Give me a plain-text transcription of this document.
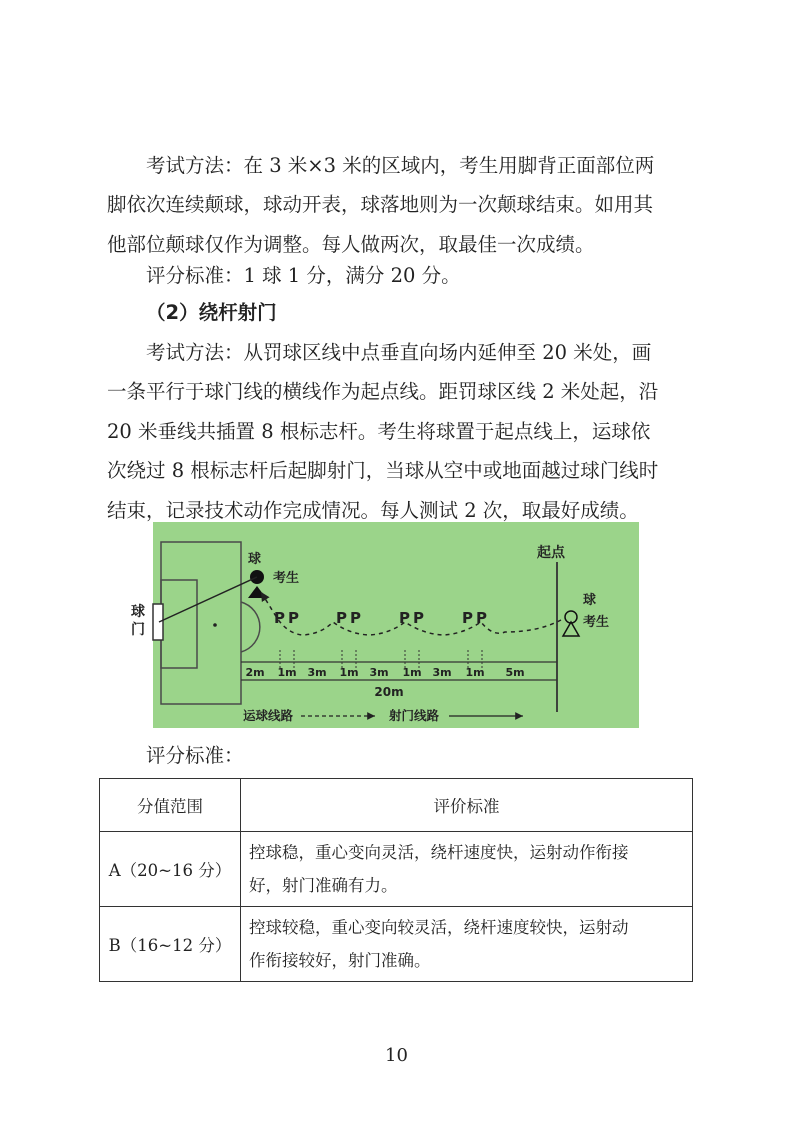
考试方法：在 3 米×3 米的区域内，考生用脚背正面部位两
脚依次连续颠球，球动开表，球落地则为一次颠球结束。如用其
他部位颠球仅作为调整。每人做两次，取最佳一次成绩。
评分标准：1 球 1 分，满分 20 分。
（2）绕杆射门
考试方法：从罚球区线中点垂直向场内延伸至 20 米处，画
一条平行于球门线的横线作为起点线。距罚球区线 2 米处起，沿
20 米垂线共插置 8 根标志杆。考生将球置于起点线上，运球依
次绕过 8 根标志杆后起脚射门，当球从空中或地面越过球门线时
结束，记录技术动作完成情况。每人测试 2 次，取最好成绩。
球
门
球
考生
P P P P	P P	P P
起点
球
考生
2m 1m 3m 1m 3m 1m 3m 1m 5m
20m
运球线路	射门线路
评分标准：
分值范围	评价标准
A（20~16 分）	控球稳，重心变向灵活，绕杆速度快，运射动作衔接
好，射门准确有力。

B（16~12 分）	控球较稳，重心变向较灵活，绕杆速度较快，运射动
作衔接较好，射门准确。
10
